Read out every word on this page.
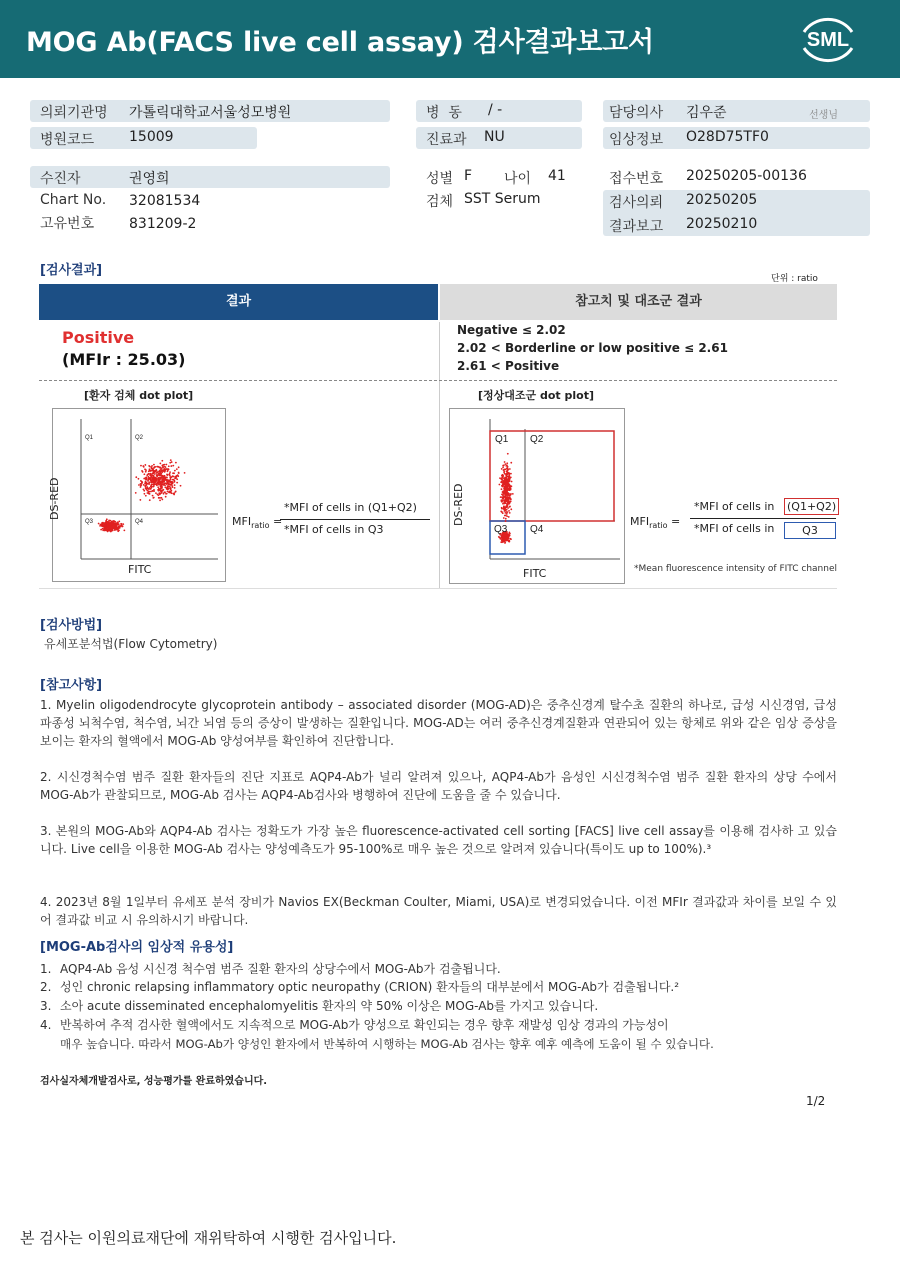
MOG Ab(FACS live cell assay) 검사결과보고서	SML
의뢰기관명 가톨릭대학교서울성모병원
병원코드 15009
병  동 / -
진료과 NU
담당의사 김우준	선생님
임상정보 O28D75TF0
수진자	권영희
Chart No. 32081534
고유번호 831209-2
성별 F 나이 41
검체 SST Serum
접수번호 20250205-00136
검사의뢰 20250205
결과보고 20250210
[검사결과]
단위 : ratio
결과	참고치 및 대조군 결과
Positive
(MFIr : 25.03)
Negative ≤ 2.02
2.02 < Borderline or low positive ≤ 2.61
2.61 < Positive
[환자 검체 dot plot]	[정상대조군 dot plot]
Q1	Q2
Q3	Q4
DS-RED
FITC
$MFI_{ratio}$ =
*MFI of cells in (Q1+Q2)
*MFI of cells in Q3
Q1 Q2
Q3 Q4
DS-RED
FITC
$MFI_{ratio}$ =
*MFI of cells in (Q1+Q2)
*MFI of cells in	Q3
*Mean fluorescence intensity of FITC channel
[검사방법]
유세포분석법(Flow Cytometry)
[참고사항]
1. Myelin oligodendrocyte glycoprotein antibody – associated disorder (MOG-AD)은 중추신경계 탈수초 질환의 하나로, 급성 시신경염, 급성파종성 뇌척수염, 척수염, 뇌간 뇌염 등의 증상이 발생하는 질환입니다. MOG-AD는 여러 중추신경계질환과 연관되어 있는 항체로 위와 같은 임상 증상을 보이는 환자의 혈액에서 MOG-Ab 양성여부를 확인하여 진단합니다.
2. 시신경척수염 범주 질환 환자들의 진단 지표로 AQP4-Ab가 널리 알려져 있으나, AQP4-Ab가 음성인 시신경척수염 범주 질환 환자의 상당 수에서 MOG-Ab가 관찰되므로, MOG-Ab 검사는 AQP4-Ab검사와 병행하여 진단에 도움을 줄 수 있습니다.
3. 본원의 MOG-Ab와 AQP4-Ab 검사는 정확도가 가장 높은 fluorescence-activated cell sorting [FACS] live cell assay를 이용해 검사하 고 있습니다. Live cell을 이용한 MOG-Ab 검사는 양성예측도가 95-100%로 매우 높은 것으로 알려져 있습니다(특이도 up to 100%).³
4. 2023년 8월 1일부터 유세포 분석 장비가 Navios EX(Beckman Coulter, Miami, USA)로 변경되었습니다. 이전 MFIr 결과값과 차이를 보일 수 있어 결과값 비교 시 유의하시기 바랍니다.
[MOG-Ab검사의 임상적 유용성]
1. AQP4-Ab 음성 시신경 척수염 범주 질환 환자의 상당수에서 MOG-Ab가 검출됩니다.
2. 성인 chronic relapsing inflammatory optic neuropathy (CRION) 환자들의 대부분에서 MOG-Ab가 검출됩니다.²
3. 소아 acute disseminated encephalomyelitis 환자의 약 50% 이상은 MOG-Ab를 가지고 있습니다.
4. 반복하여 추적 검사한 혈액에서도 지속적으로 MOG-Ab가 양성으로 확인되는 경우 향후 재발성 임상 경과의 가능성이
매우 높습니다. 따라서 MOG-Ab가 양성인 환자에서 반복하여 시행하는 MOG-Ab 검사는 향후 예후 예측에 도움이 될 수 있습니다.
검사실자체개발검사로, 성능평가를 완료하였습니다.
1/2
본 검사는 이원의료재단에 재위탁하여 시행한 검사입니다.
